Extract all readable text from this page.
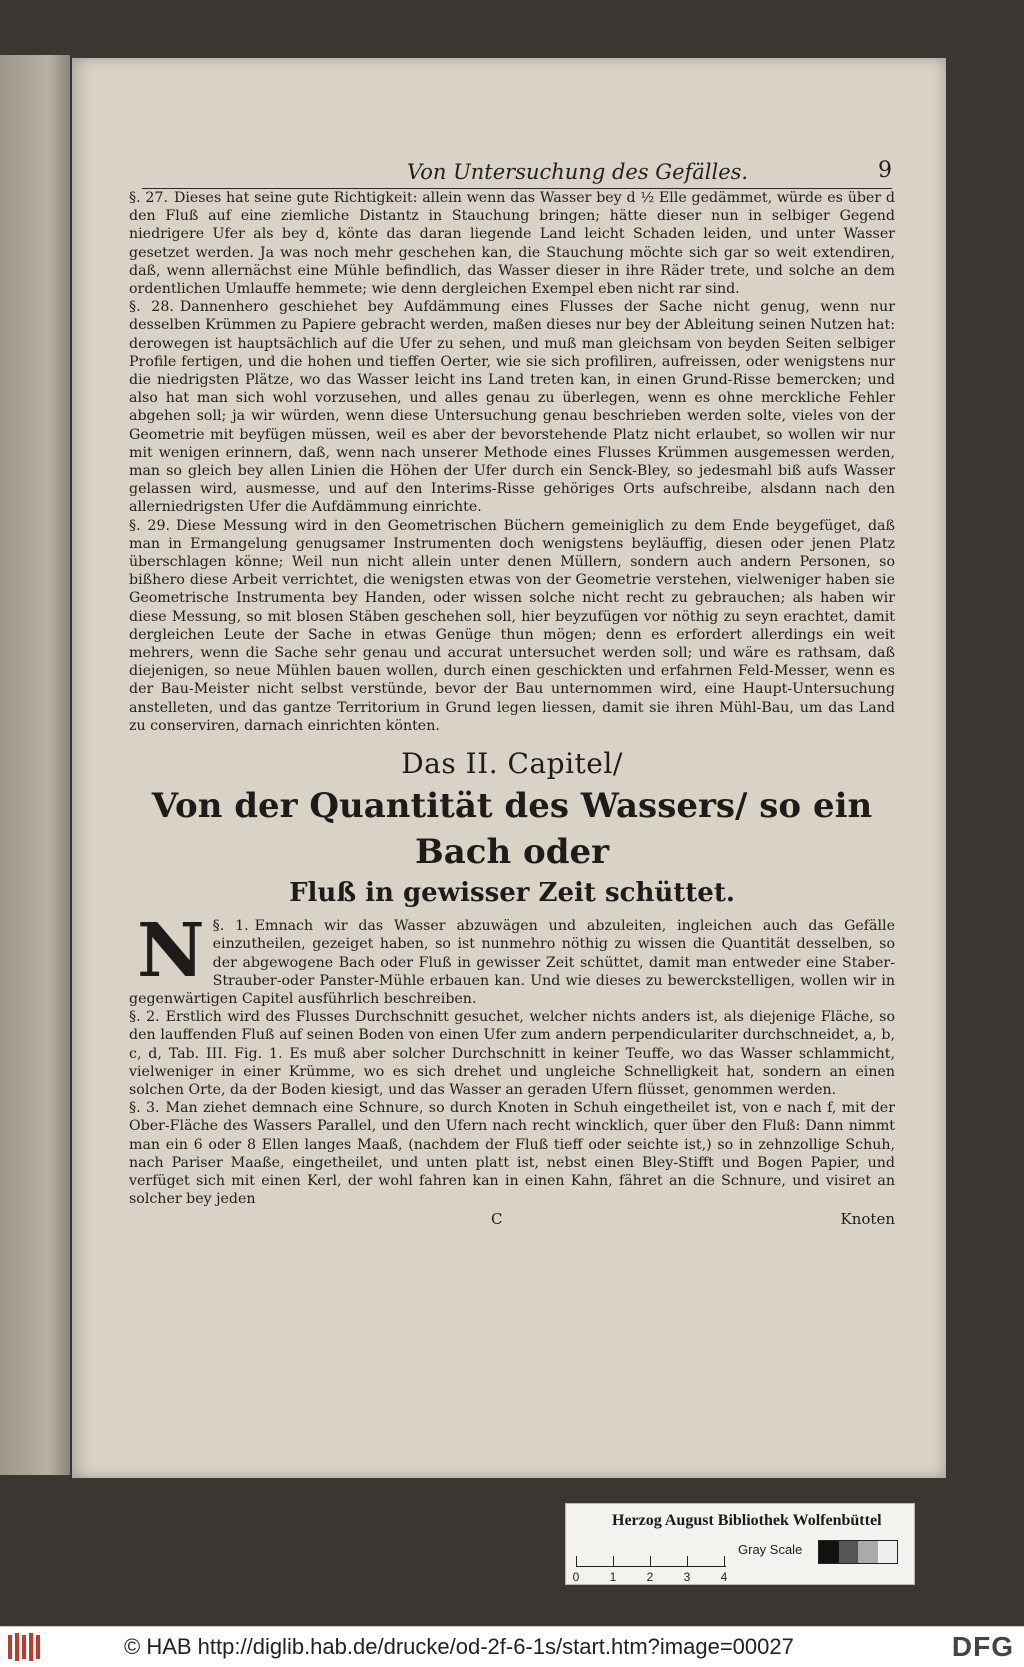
Von Untersuchung des Gefälles.	9

§. 27. Dieses hat seine gute Richtigkeit: allein wenn das Wasser bey d ½ Elle gedämmet, würde es über d den Fluß auf eine ziemliche Distantz in Stauchung bringen; hätte dieser nun in selbiger Gegend niedrigere Ufer als bey d, könte das daran liegende Land leicht Schaden leiden, und unter Wasser gesetzet werden. Ja was noch mehr geschehen kan, die Stauchung möchte sich gar so weit extendiren, daß, wenn allernächst eine Mühle befindlich, das Wasser dieser in ihre Räder trete, und solche an dem ordentlichen Umlauffe hemmete; wie denn dergleichen Exempel eben nicht rar sind.

§. 28. Dannenhero geschiehet bey Aufdämmung eines Flusses der Sache nicht genug, wenn nur desselben Krümmen zu Papiere gebracht werden, maßen dieses nur bey der Ableitung seinen Nutzen hat: derowegen ist hauptsächlich auf die Ufer zu sehen, und muß man gleichsam von beyden Seiten selbiger Profile fertigen, und die hohen und tieffen Oerter, wie sie sich profiliren, aufreissen, oder wenigstens nur die niedrigsten Plätze, wo das Wasser leicht ins Land treten kan, in einen Grund-Risse bemercken; und also hat man sich wohl vorzusehen, und alles genau zu überlegen, wenn es ohne merckliche Fehler abgehen soll; ja wir würden, wenn diese Untersuchung genau beschrieben werden solte, vieles von der Geometrie mit beyfügen müssen, weil es aber der bevorstehende Platz nicht erlaubet, so wollen wir nur mit wenigen erinnern, daß, wenn nach unserer Methode eines Flusses Krümmen ausgemessen werden, man so gleich bey allen Linien die Höhen der Ufer durch ein Senck-Bley, so jedesmahl biß aufs Wasser gelassen wird, ausmesse, und auf den Interims-Risse gehöriges Orts aufschreibe, alsdann nach den allerniedrigsten Ufer die Aufdämmung einrichte.

§. 29. Diese Messung wird in den Geometrischen Büchern gemeiniglich zu dem Ende beygefüget, daß man in Ermangelung genugsamer Instrumenten doch wenigstens beyläuffig, diesen oder jenen Platz überschlagen könne; Weil nun nicht allein unter denen Müllern, sondern auch andern Personen, so bißhero diese Arbeit verrichtet, die wenigsten etwas von der Geometrie verstehen, vielweniger haben sie Geometrische Instrumenta bey Handen, oder wissen solche nicht recht zu gebrauchen; als haben wir diese Messung, so mit blosen Stäben geschehen soll, hier beyzufügen vor nöthig zu seyn erachtet, damit dergleichen Leute der Sache in etwas Genüge thun mögen; denn es erfordert allerdings ein weit mehrers, wenn die Sache sehr genau und accurat untersuchet werden soll; und wäre es rathsam, daß diejenigen, so neue Mühlen bauen wollen, durch einen geschickten und erfahrnen Feld-Messer, wenn es der Bau-Meister nicht selbst verstünde, bevor der Bau unternommen wird, eine Haupt-Untersuchung anstelleten, und das gantze Territorium in Grund legen liessen, damit sie ihren Mühl-Bau, um das Land zu conserviren, darnach einrichten könten.

Das II. Capitel/
Von der Quantität des Wassers/ so ein Bach oder
Fluß in gewisser Zeit schüttet.

§. 1.
N	Emnach wir das Wasser abzuwägen und abzuleiten, ingleichen auch das Gefälle einzutheilen, gezeiget haben, so ist nunmehro nöthig zu wissen die Quantität desselben, so der abgewogene Bach oder Fluß in gewisser Zeit schüttet, damit man entweder eine Staber-Strauber-oder Panster-Mühle erbauen kan. Und wie dieses zu bewerckstelligen, wollen wir in gegenwärtigen Capitel ausführlich beschreiben.

§. 2. Erstlich wird des Flusses Durchschnitt gesuchet, welcher nichts anders ist, als diejenige Fläche, so den lauffenden Fluß auf seinen Boden von einen Ufer zum andern perpendiculariter durchschneidet, a, b, c, d, Tab. III. Fig. 1. Es muß aber solcher Durchschnitt in keiner Teuffe, wo das Wasser schlammicht, vielweniger in einer Krümme, wo es sich drehet und ungleiche Schnelligkeit hat, sondern an einen solchen Orte, da der Boden kiesigt, und das Wasser an geraden Ufern flüsset, genommen werden.

§. 3. Man ziehet demnach eine Schnure, so durch Knoten in Schuh eingetheilet ist, von e nach f, mit der Ober-Fläche des Wassers Parallel, und den Ufern nach recht wincklich, quer über den Fluß: Dann nimmt man ein 6 oder 8 Ellen langes Maaß, (nachdem der Fluß tieff oder seichte ist,) so in zehnzollige Schuh, nach Pariser Maaße, eingetheilet, und unten platt ist, nebst einen Bley-Stifft und Bogen Papier, und verfüget sich mit einen Kerl, der wohl fahren kan in einen Kahn, fähret an die Schnure, und visiret an solcher bey jeden

C	Knoten
Herzog August Bibliothek Wolfenbüttel
0	1	2	3	4
Gray Scale
© HAB http://diglib.hab.de/drucke/od-2f-6-1s/start.htm?image=00027	DFG
